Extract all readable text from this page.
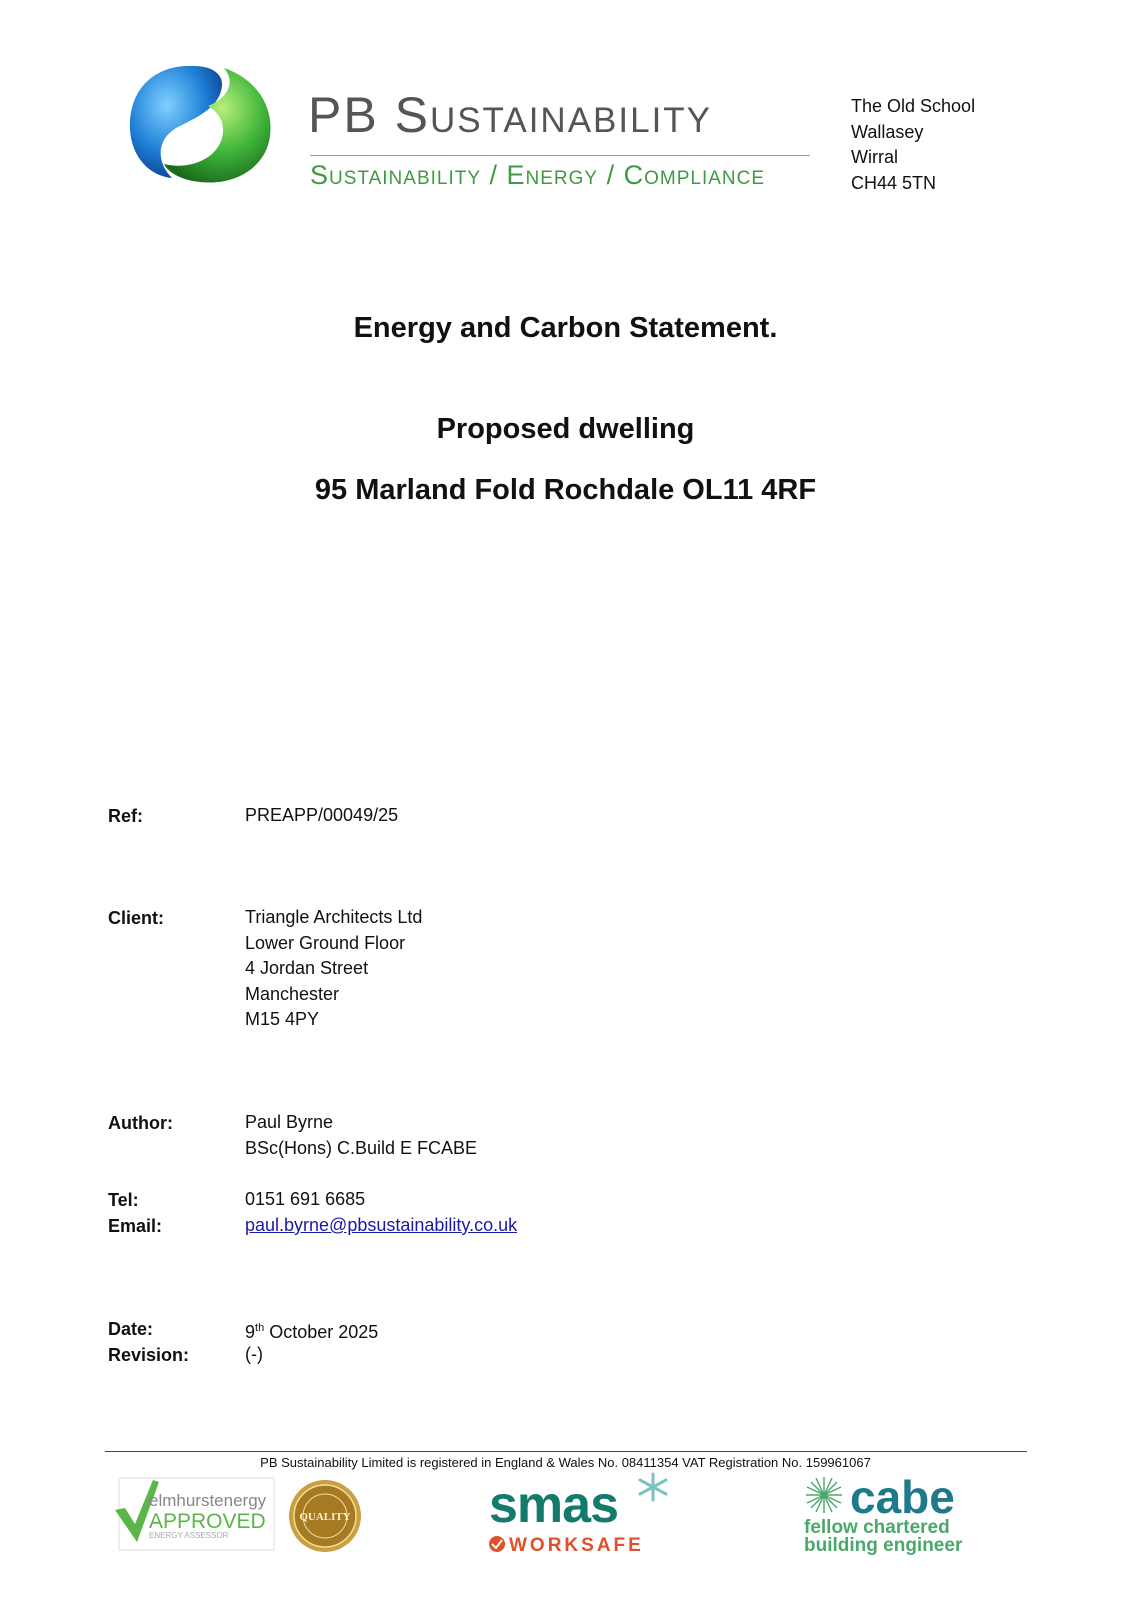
PB Sustainability
Sustainability / Energy / Compliance
The Old School
Wallasey
Wirral
CH44 5TN
Energy and Carbon Statement.
Proposed dwelling
95 Marland Fold Rochdale OL11 4RF
Ref:	PREAPP/00049/25
Client:	Triangle Architects Ltd
Lower Ground Floor
4 Jordan Street
Manchester
M15 4PY
Author:	Paul Byrne
BSc(Hons) C.Build E FCABE
Tel:	0151 691 6685
Email:	paul.byrne@pbsustainability.co.uk
Date:	9th October 2025
Revision:	(-)
PB Sustainability Limited is registered in England & Wales No. 08411354 VAT Registration No. 159961067
elmhurstenergy
APPROVED
ENERGY ASSESSOR
QUALITY	smas
WORKSAFE
cabe
fellow chartered
building engineer
